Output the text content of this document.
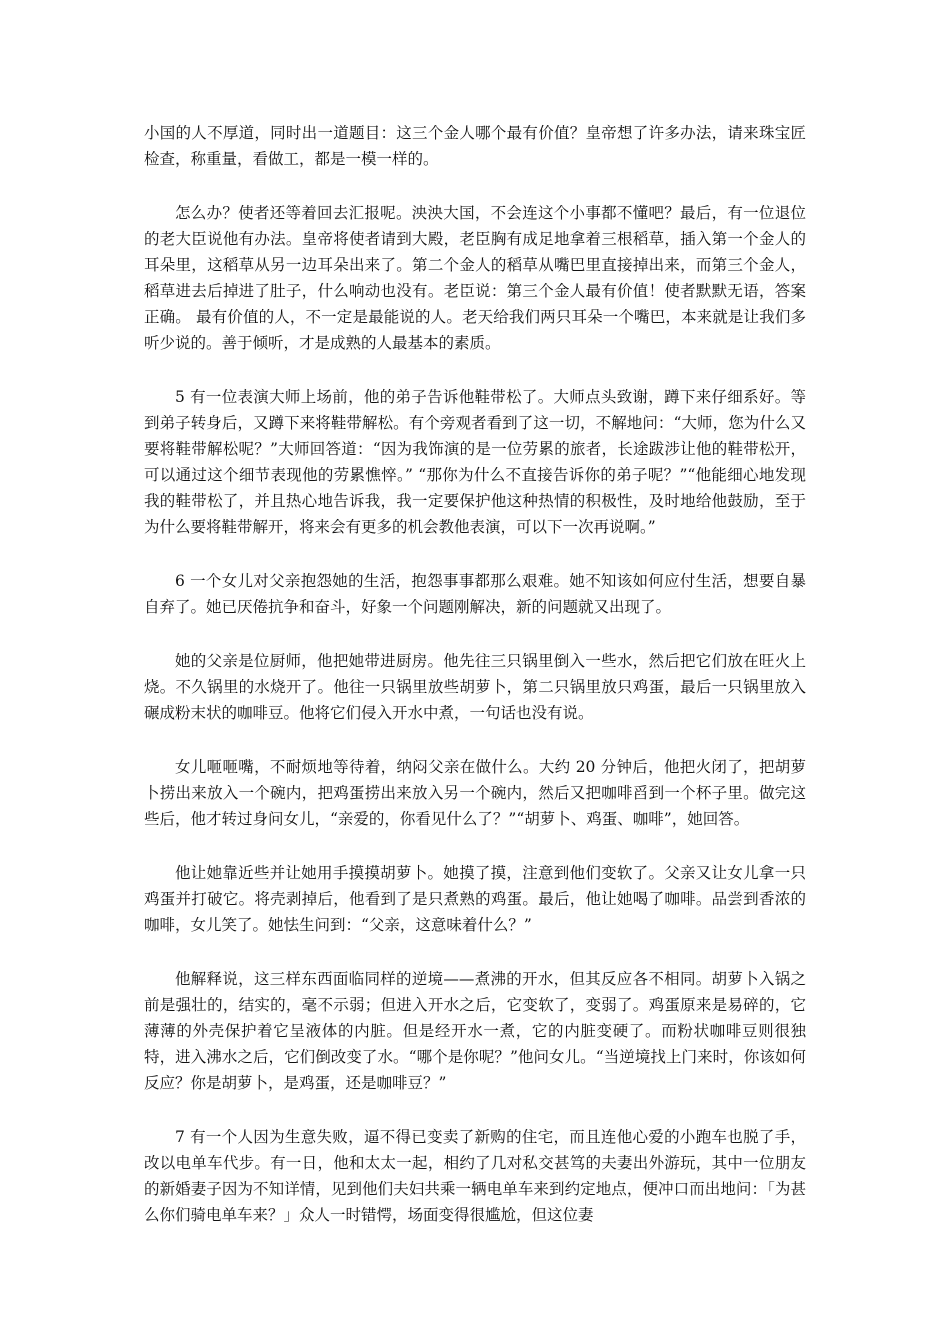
小国的人不厚道，同时出一道题目：这三个金人哪个最有价值？皇帝想了许多办法，请来珠宝匠检查，称重量，看做工，都是一模一样的。

怎么办？使者还等着回去汇报呢。泱泱大国，不会连这个小事都不懂吧？最后，有一位退位的老大臣说他有办法。皇帝将使者请到大殿，老臣胸有成足地拿着三根稻草，插入第一个金人的耳朵里，这稻草从另一边耳朵出来了。第二个金人的稻草从嘴巴里直接掉出来，而第三个金人，稻草进去后掉进了肚子，什么响动也没有。老臣说：第三个金人最有价值！使者默默无语，答案正确。 最有价值的人，不一定是最能说的人。老天给我们两只耳朵一个嘴巴，本来就是让我们多听少说的。善于倾听，才是成熟的人最基本的素质。

5 有一位表演大师上场前，他的弟子告诉他鞋带松了。大师点头致谢，蹲下来仔细系好。等到弟子转身后，又蹲下来将鞋带解松。有个旁观者看到了这一切，不解地问：“大师，您为什么又要将鞋带解松呢？”大师回答道：“因为我饰演的是一位劳累的旅者，长途跋涉让他的鞋带松开，可以通过这个细节表现他的劳累憔悴。” “那你为什么不直接告诉你的弟子呢？”“他能细心地发现我的鞋带松了，并且热心地告诉我，我一定要保护他这种热情的积极性，及时地给他鼓励，至于为什么要将鞋带解开，将来会有更多的机会教他表演，可以下一次再说啊。”

6 一个女儿对父亲抱怨她的生活，抱怨事事都那么艰难。她不知该如何应付生活，想要自暴自弃了。她已厌倦抗争和奋斗，好象一个问题刚解决，新的问题就又出现了。

她的父亲是位厨师，他把她带进厨房。他先往三只锅里倒入一些水，然后把它们放在旺火上烧。不久锅里的水烧开了。他往一只锅里放些胡萝卜，第二只锅里放只鸡蛋，最后一只锅里放入碾成粉末状的咖啡豆。他将它们侵入开水中煮，一句话也没有说。

女儿咂咂嘴，不耐烦地等待着，纳闷父亲在做什么。大约 20 分钟后，他把火闭了，把胡萝卜捞出来放入一个碗内，把鸡蛋捞出来放入另一个碗内，然后又把咖啡舀到一个杯子里。做完这些后，他才转过身问女儿，“亲爱的，你看见什么了？”“胡萝卜、鸡蛋、咖啡”，她回答。

他让她靠近些并让她用手摸摸胡萝卜。她摸了摸，注意到他们变软了。父亲又让女儿拿一只鸡蛋并打破它。将壳剥掉后，他看到了是只煮熟的鸡蛋。最后，他让她喝了咖啡。品尝到香浓的咖啡，女儿笑了。她怯生问到：“父亲，这意味着什么？”

他解释说，这三样东西面临同样的逆境——煮沸的开水，但其反应各不相同。胡萝卜入锅之前是强壮的，结实的，毫不示弱；但进入开水之后，它变软了，变弱了。鸡蛋原来是易碎的，它薄薄的外壳保护着它呈液体的内脏。但是经开水一煮，它的内脏变硬了。而粉状咖啡豆则很独特，进入沸水之后，它们倒改变了水。“哪个是你呢？”他问女儿。“当逆境找上门来时，你该如何反应？你是胡萝卜，是鸡蛋，还是咖啡豆？”

7 有一个人因为生意失败，逼不得已变卖了新购的住宅，而且连他心爱的小跑车也脱了手，改以电单车代步。有一日，他和太太一起，相约了几对私交甚笃的夫妻出外游玩，其中一位朋友的新婚妻子因为不知详情，见到他们夫妇共乘一辆电单车来到约定地点，便冲口而出地问：「为甚么你们骑电单车来？」众人一时错愕，场面变得很尴尬，但这位妻
